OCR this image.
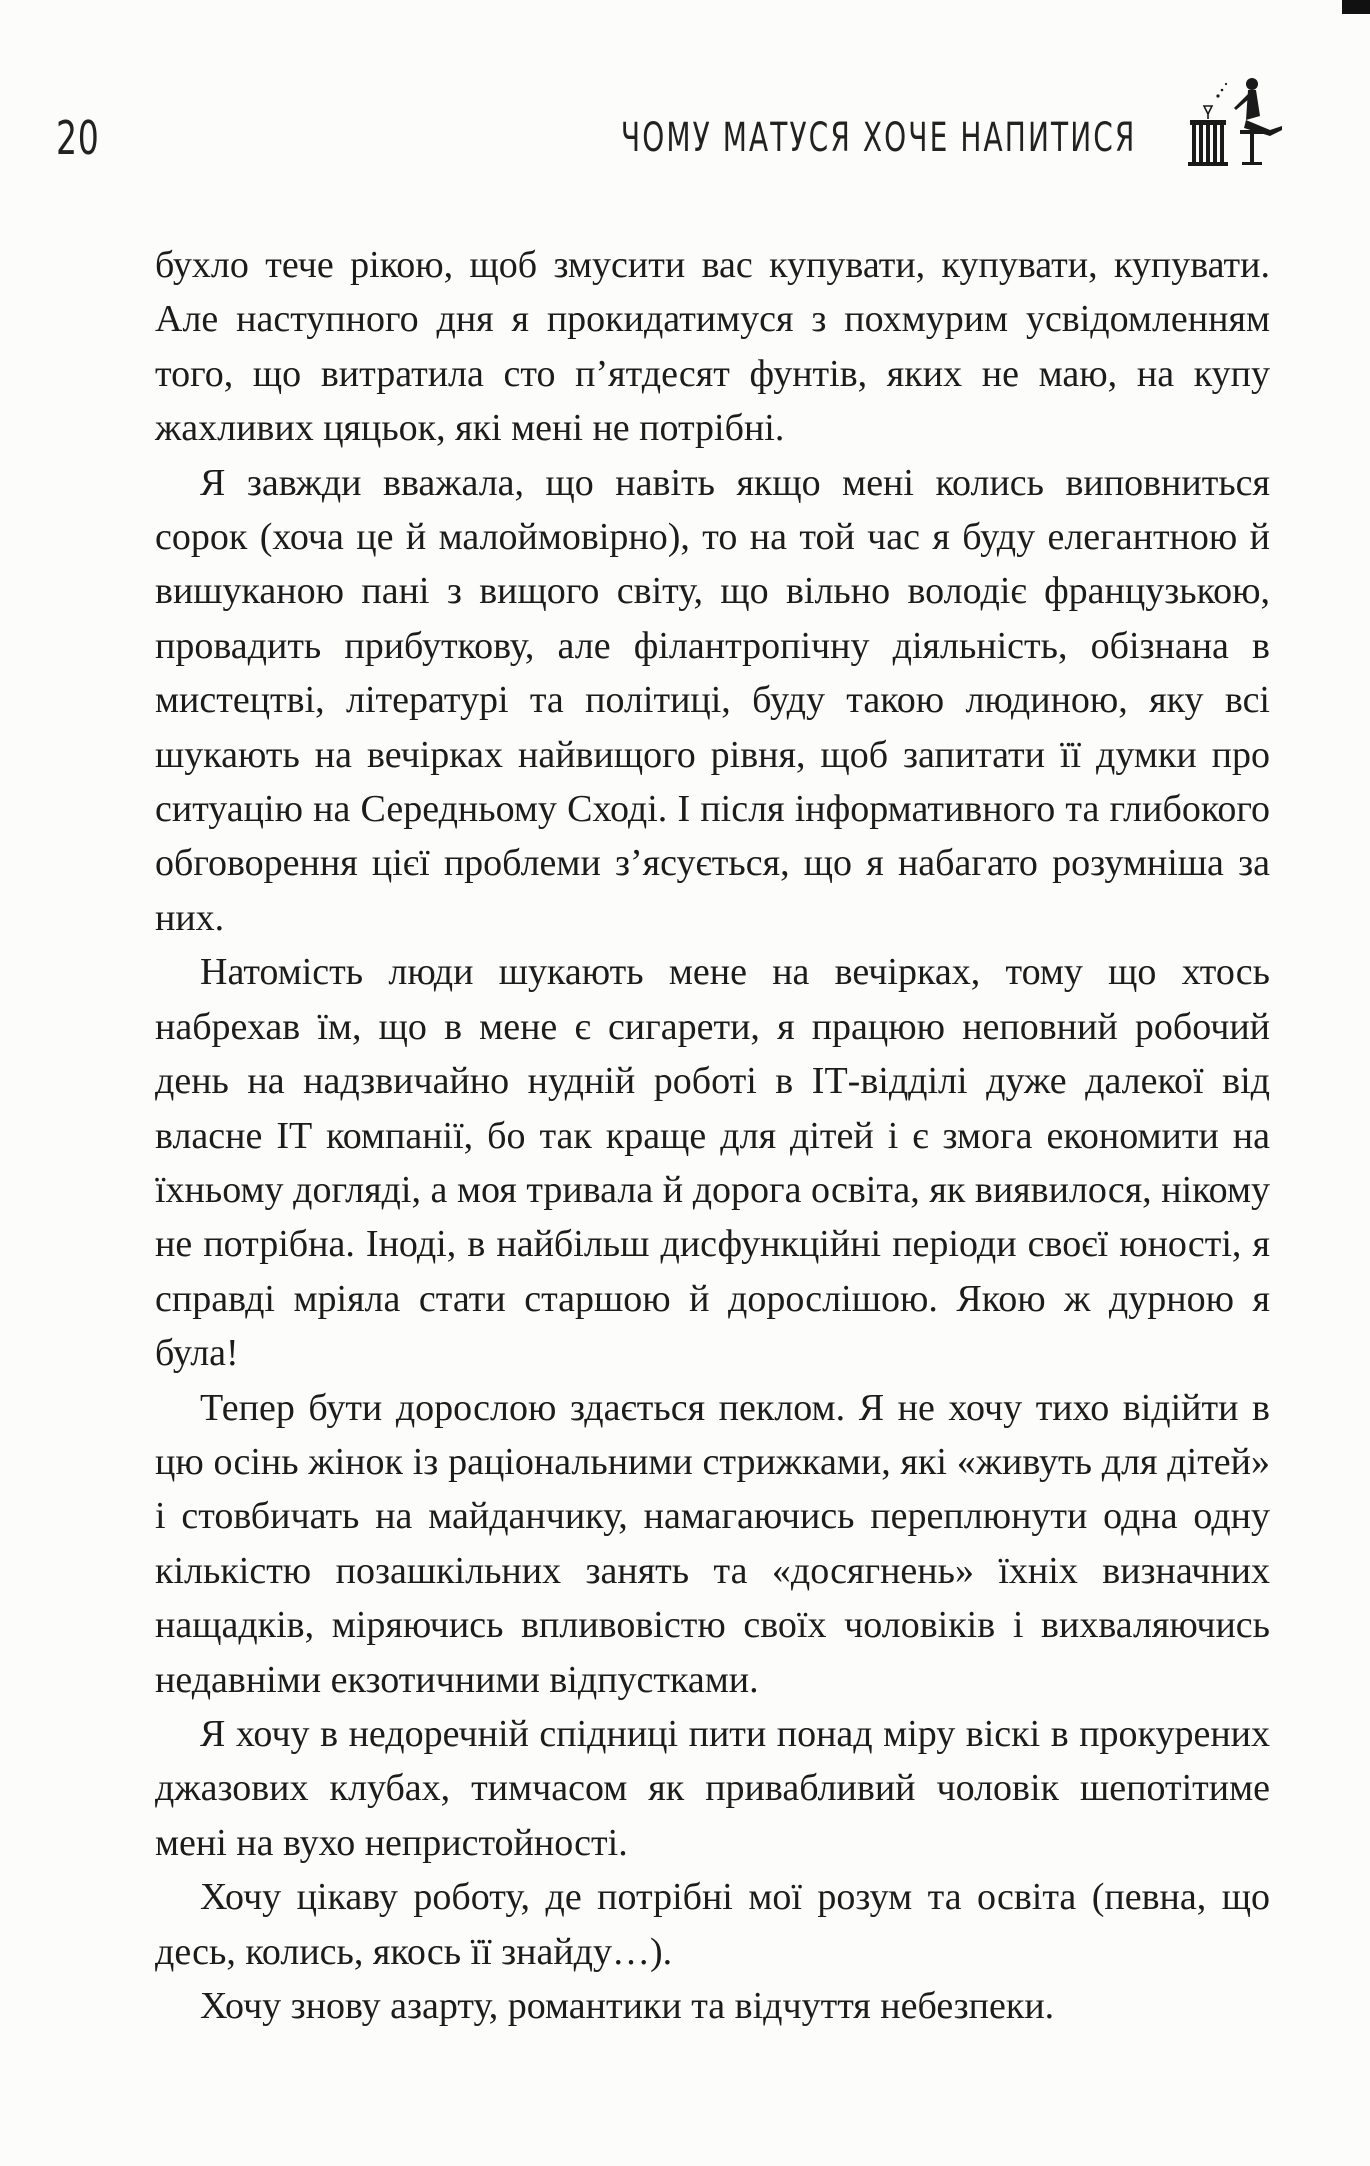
20	ЧОМУ МАТУСЯ ХОЧЕ НАПИТИСЯ

бухло тече рікою, щоб змусити вас купувати, купувати, купувати. Але наступного дня я прокидатимуся з похмурим усвідомленням того, що витратила сто п’ятдесят фунтів, яких не маю, на купу жахливих цяцьок, які мені не потрібні.

Я завжди вважала, що навіть якщо мені колись виповниться сорок (хоча це й малоймовірно), то на той час я буду елегантною й вишуканою пані з вищого світу, що вільно володіє французькою, провадить прибуткову, але філантропічну діяльність, обізнана в мистецтві, літературі та політиці, буду такою людиною, яку всі шукають на вечірках найвищого рівня, щоб запитати її думки про ситуацію на Середньому Сході. І після інформативного та глибокого обговорення цієї проблеми з’ясується, що я набагато розумніша за них.

Натомість люди шукають мене на вечірках, тому що хтось набрехав їм, що в мене є сигарети, я працюю неповний робочий день на надзвичайно нудній роботі в ІТ-відділі дуже далекої від власне ІТ компанії, бо так краще для дітей і є змога економити на їхньому догляді, а моя тривала й дорога освіта, як виявилося, нікому не потрібна. Іноді, в найбільш дисфункційні періоди своєї юності, я справді мріяла стати старшою й дорослішою. Якою ж дурною я була!

Тепер бути дорослою здається пеклом. Я не хочу тихо відійти в цю осінь жінок із раціональними стрижками, які «живуть для дітей» і стовбичать на майданчику, намагаючись переплюнути одна одну кількістю позашкільних занять та «досягнень» їхніх визначних нащадків, міряючись впливовістю своїх чоловіків і вихваляючись недавніми екзотичними відпустками.

Я хочу в недоречній спідниці пити понад міру віскі в прокурених джазових клубах, тимчасом як привабливий чоловік шепотітиме мені на вухо непристойності.

Хочу цікаву роботу, де потрібні мої розум та освіта (певна, що десь, колись, якось її знайду…).

Хочу знову азарту, романтики та відчуття небезпеки.
